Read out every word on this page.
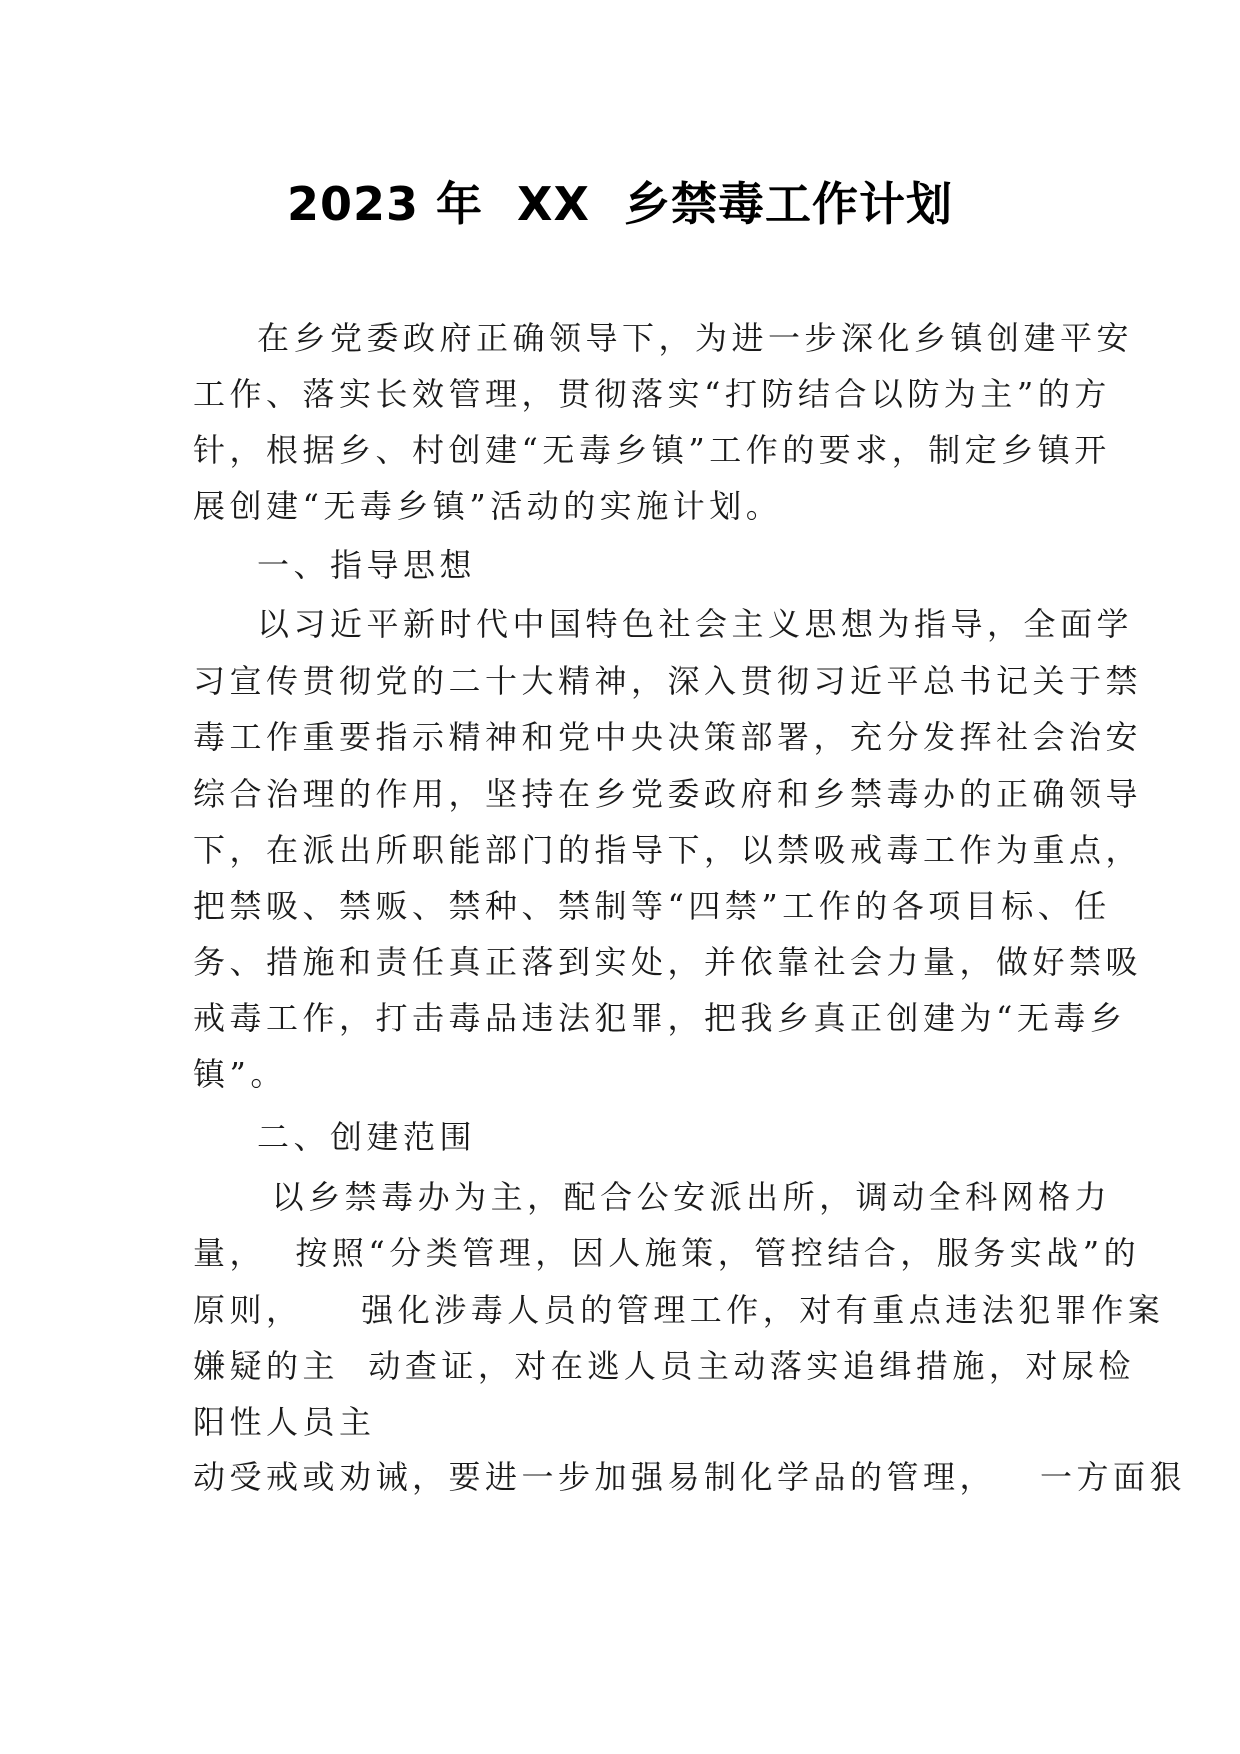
2023 年  XX  乡禁毒工作计划
在乡党委政府正确领导下，为进一步深化乡镇创建平安
工作、落实长效管理，贯彻落实“打防结合以防为主”的方
针，根据乡、村创建“无毒乡镇”工作的要求，制定乡镇开
展创建“无毒乡镇”活动的实施计划。
一、指导思想
以习近平新时代中国特色社会主义思想为指导，全面学
习宣传贯彻党的二十大精神，深入贯彻习近平总书记关于禁
毒工作重要指示精神和党中央决策部署，充分发挥社会治安
综合治理的作用，坚持在乡党委政府和乡禁毒办的正确领导
下，在派出所职能部门的指导下，以禁吸戒毒工作为重点，
把禁吸、禁贩、禁种、禁制等“四禁”工作的各项目标、任
务、措施和责任真正落到实处，并依靠社会力量，做好禁吸
戒毒工作，打击毒品违法犯罪，把我乡真正创建为“无毒乡
镇”。
二、创建范围
以乡禁毒办为主，配合公安派出所，调动全科网格力
量，  按照“分类管理，因人施策，管控结合，服务实战”的
原则，    强化涉毒人员的管理工作，对有重点违法犯罪作案
嫌疑的主  动查证，对在逃人员主动落实追缉措施，对尿检
阳性人员主
动受戒或劝诫，要进一步加强易制化学品的管理，   一方面狠
